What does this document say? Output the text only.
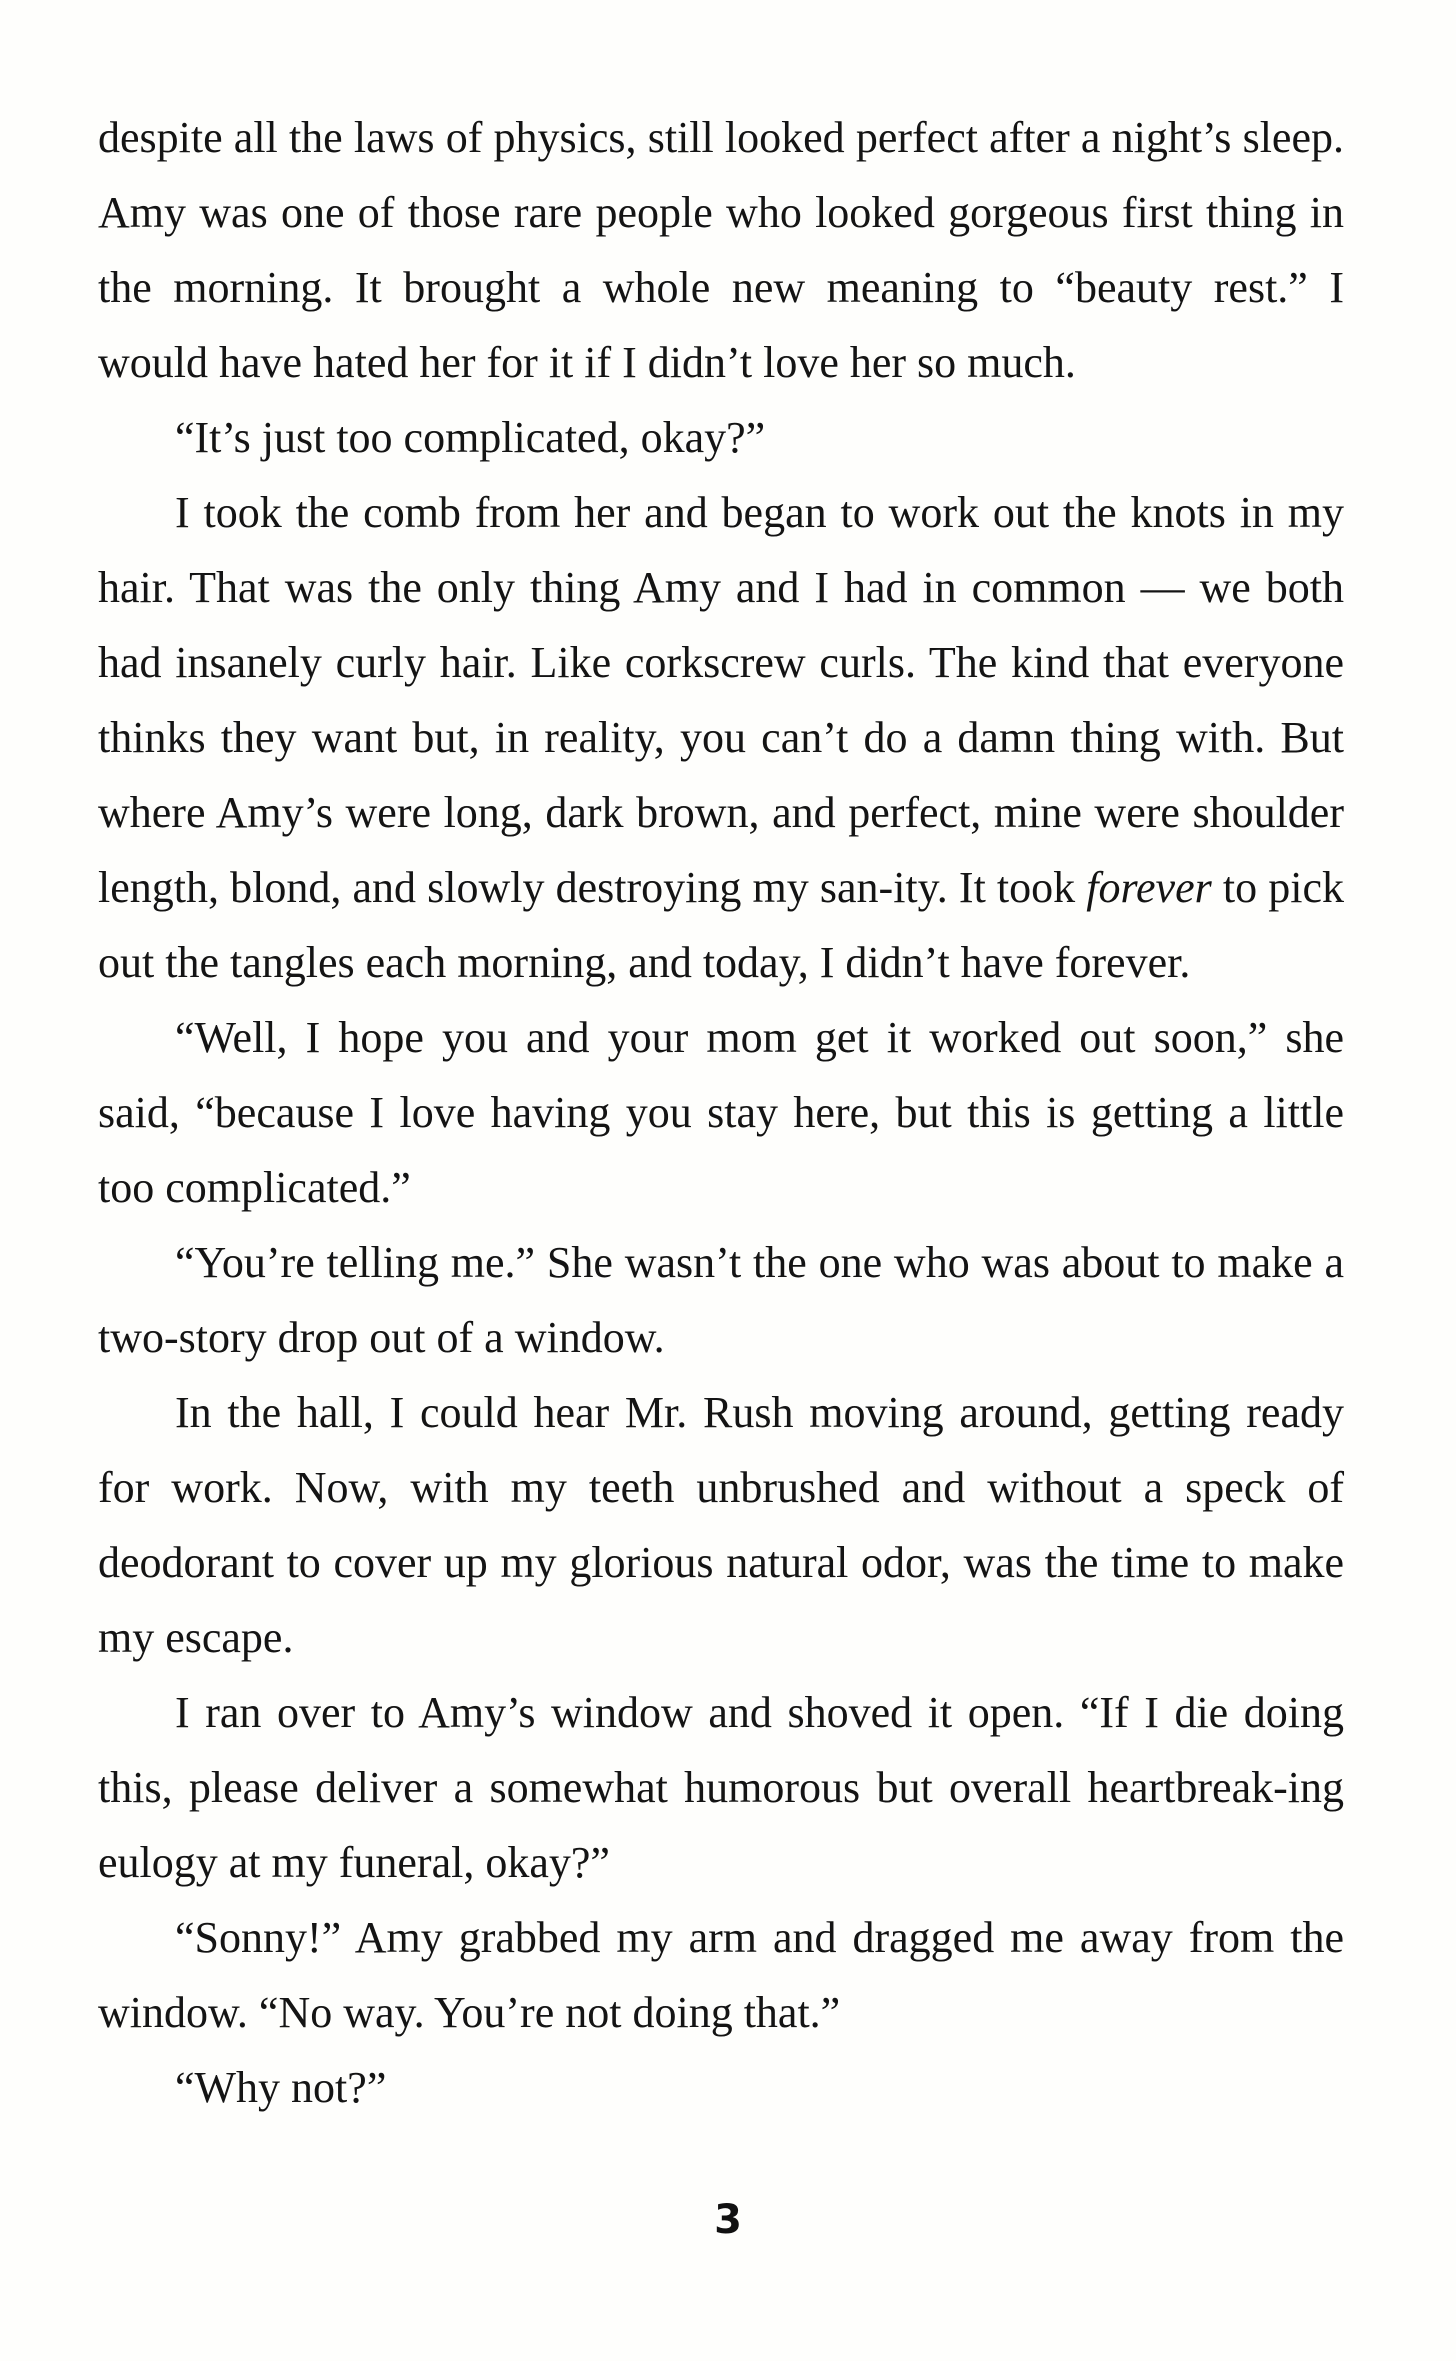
despite all the laws of physics, still looked perfect after a night’s sleep. Amy was one of those rare people who looked gorgeous first thing in the morning. It brought a whole new meaning to “beauty rest.” I would have hated her for it if I didn’t love her so much.

“It’s just too complicated, okay?”

I took the comb from her and began to work out the knots in my hair. That was the only thing Amy and I had in common — we both had insanely curly hair. Like corkscrew curls. The kind that everyone thinks they want but, in reality, you can’t do a damn thing with. But where Amy’s were long, dark brown, and perfect, mine were shoulder length, blond, and slowly destroying my san-ity. It took forever to pick out the tangles each morning, and today, I didn’t have forever.

“Well, I hope you and your mom get it worked out soon,” she said, “because I love having you stay here, but this is getting a little too complicated.”

“You’re telling me.” She wasn’t the one who was about to make a two-story drop out of a window.

In the hall, I could hear Mr. Rush moving around, getting ready for work. Now, with my teeth unbrushed and without a speck of deodorant to cover up my glorious natural odor, was the time to make my escape.

I ran over to Amy’s window and shoved it open. “If I die doing this, please deliver a somewhat humorous but overall heartbreak-ing eulogy at my funeral, okay?”

“Sonny!” Amy grabbed my arm and dragged me away from the window. “No way. You’re not doing that.”

“Why not?”

3
